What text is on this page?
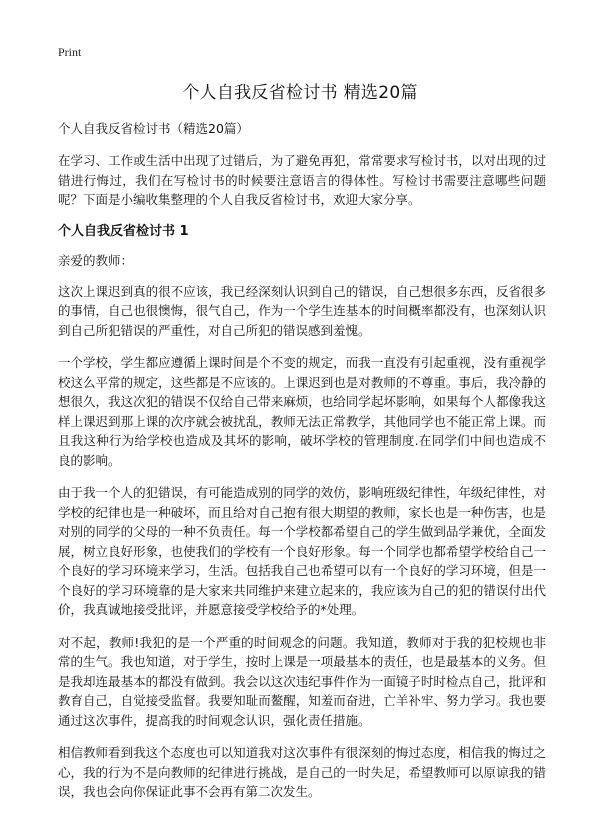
Print
个人自我反省检讨书 精选20篇
个人自我反省检讨书（精选20篇）

在学习、工作或生活中出现了过错后，为了避免再犯，常常要求写检讨书，以对出现的过错进行悔过，我们在写检讨书的时候要注意语言的得体性。写检讨书需要注意哪些问题呢？下面是小编收集整理的个人自我反省检讨书，欢迎大家分享。

个人自我反省检讨书 1
亲爱的教师：

这次上课迟到真的很不应该，我已经深刻认识到自己的错误，自己想很多东西，反省很多的事情，自己也很懊悔，很气自己，作为一个学生连基本的时间概率都没有，也深刻认识到自己所犯错误的严重性，对自己所犯的错误感到羞愧。

一个学校，学生都应遵循上课时间是个不变的规定，而我一直没有引起重视，没有重视学校这么平常的规定，这些都是不应该的。上课迟到也是对教师的不尊重。事后，我冷静的想很久，我这次犯的错误不仅给自己带来麻烦，也给同学起坏影响，如果每个人都像我这样上课迟到那上课的次序就会被扰乱，教师无法正常教学，其他同学也不能正常上课。而且我这种行为给学校也造成及其坏的影响，破坏学校的管理制度.在同学们中间也造成不良的影响。

由于我一个人的犯错误，有可能造成别的同学的效仿，影响班级纪律性，年级纪律性，对学校的纪律也是一种破坏，而且给对自己抱有很大期望的教师，家长也是一种伤害，也是对别的同学的父母的一种不负责任。每一个学校都希望自己的学生做到品学兼优，全面发展，树立良好形象，也使我们的学校有一个良好形象。每一个同学也都希望学校给自己一个良好的学习环境来学习，生活。包括我自己也希望可以有一个良好的学习环境，但是一个良好的学习环境靠的是大家来共同维护来建立起来的，我应该为自己的犯的错误付出代价，我真诚地接受批评，并愿意接受学校给予的*处理。

对不起，教师!我犯的是一个严重的时间观念的问题。我知道，教师对于我的犯校规也非常的生气。我也知道，对于学生，按时上课是一项最基本的责任，也是最基本的义务。但是我却连最基本的都没有做到。我会以这次违纪事件作为一面镜子时时检点自己，批评和教育自己，自觉接受监督。我要知耻而鳌醒，知羞而奋进，亡羊补牢、努力学习。我也要通过这次事件，提高我的时间观念认识，强化责任措施。

相信教师看到我这个态度也可以知道我对这次事件有很深刻的悔过态度，相信我的悔过之心，我的行为不是向教师的纪律进行挑战，是自己的一时失足，希望教师可以原谅我的错误，我也会向你保证此事不会再有第二次发生。
